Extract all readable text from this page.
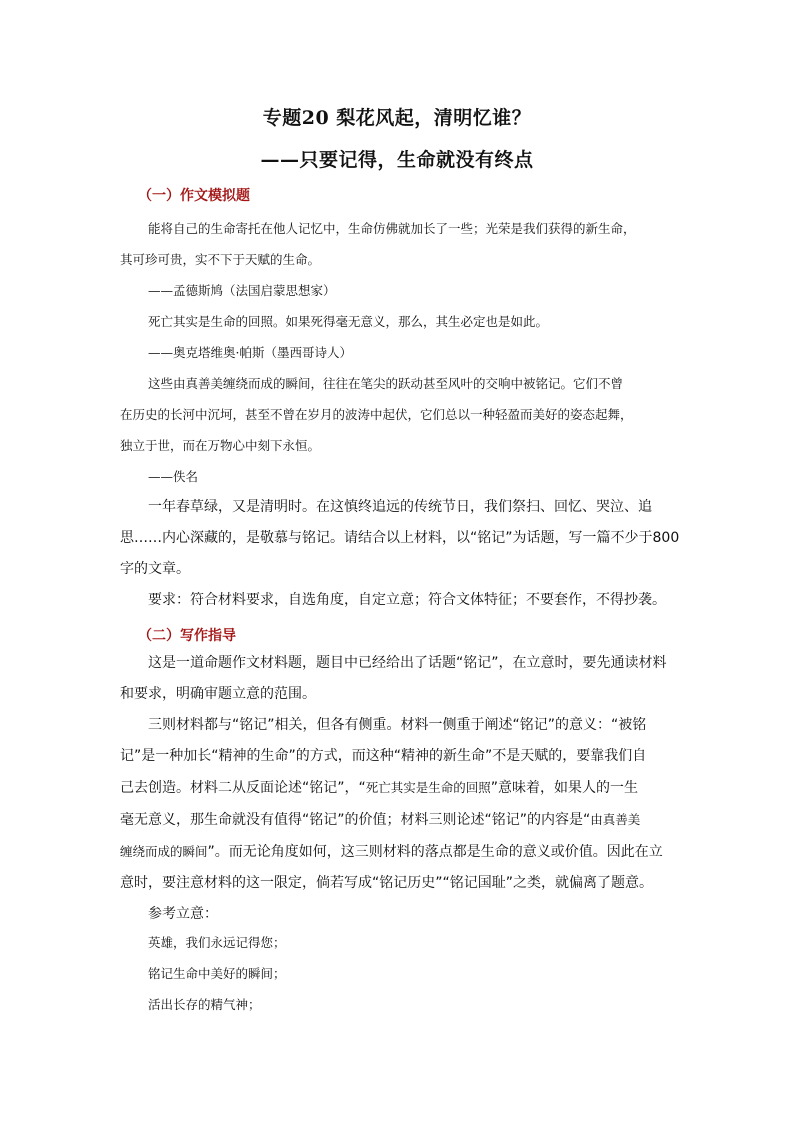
专题20 梨花风起，清明忆谁？
——只要记得，生命就没有终点
（一）作文模拟题

能将自己的生命寄托在他人记忆中，生命仿佛就加长了一些；光荣是我们获得的新生命，

其可珍可贵，实不下于天赋的生命。

——孟德斯鸠（法国启蒙思想家）

死亡其实是生命的回照。如果死得毫无意义，那么，其生必定也是如此。

——奥克塔维奥·帕斯（墨西哥诗人）

这些由真善美缠绕而成的瞬间，往往在笔尖的跃动甚至风叶的交响中被铭记。它们不曾

在历史的长河中沉坷，甚至不曾在岁月的波涛中起伏，它们总以一种轻盈而美好的姿态起舞，

独立于世，而在万物心中刻下永恒。

——佚名

一年春草绿，又是清明时。在这慎终追远的传统节日，我们祭扫、回忆、哭泣、追

思……内心深藏的，是敬慕与铭记。请结合以上材料，以“铭记”为话题，写一篇不少于800

字的文章。

要求：符合材料要求，自选角度，自定立意；符合文体特征；不要套作，不得抄袭。

（二）写作指导

这是一道命题作文材料题，题目中已经给出了话题“铭记”，在立意时，要先通读材料

和要求，明确审题立意的范围。

三则材料都与“铭记”相关，但各有侧重。材料一侧重于阐述“铭记”的意义：“被铭

记”是一种加长“精神的生命”的方式，而这种“精神的新生命”不是天赋的，要靠我们自

己去创造。材料二从反面论述“铭记”，“死亡其实是生命的回照”意味着，如果人的一生

毫无意义，那生命就没有值得“铭记”的价值；材料三则论述“铭记”的内容是“由真善美

缠绕而成的瞬间”。而无论角度如何，这三则材料的落点都是生命的意义或价值。因此在立

意时，要注意材料的这一限定，倘若写成“铭记历史”“铭记国耻”之类，就偏离了题意。

参考立意：

英雄，我们永远记得您；

铭记生命中美好的瞬间；

活出长存的精气神；
